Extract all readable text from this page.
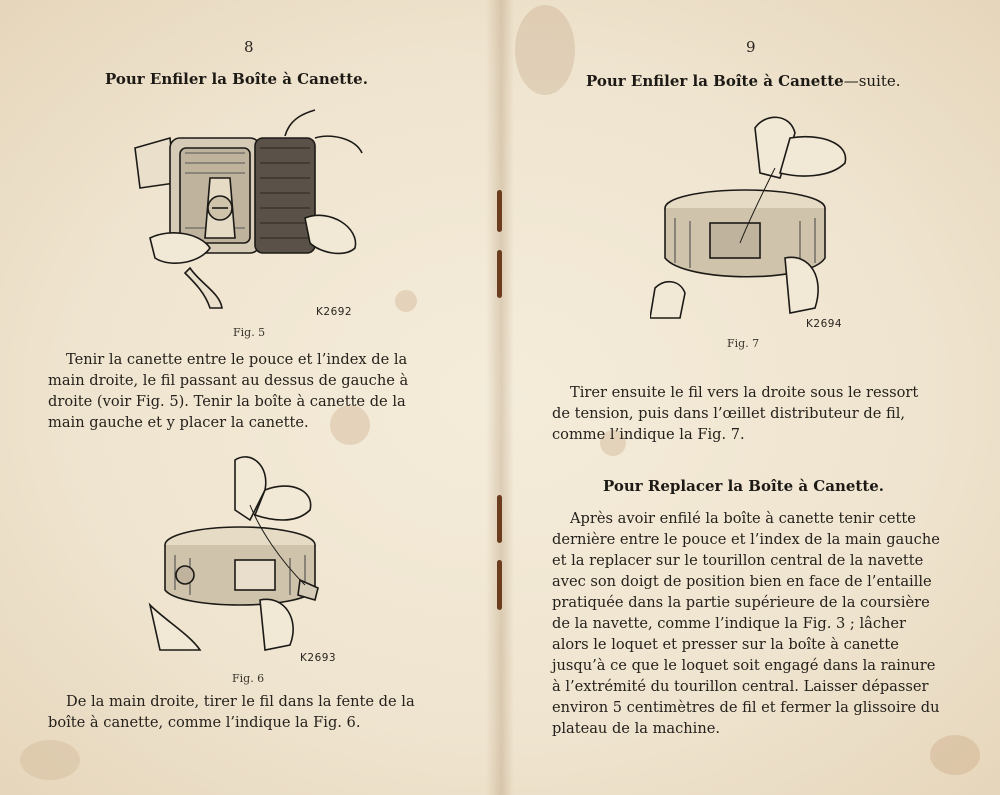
8
Pour Enfiler la Boîte à Canette.
K2692
Fig. 5
Tenir la canette entre le pouce et l’index de la
main droite, le fil passant au dessus de gauche à
droite (voir Fig. 5). Tenir la boîte à canette de la
main gauche et y placer la canette.
K2693
Fig. 6
De la main droite, tirer le fil dans la fente de la
boîte à canette, comme l’indique la Fig. 6.
9
Pour Enfiler la Boîte à Canette—suite.
K2694
Fig. 7
Tirer ensuite le fil vers la droite sous le ressort
de tension, puis dans l’œillet distributeur de fil,
comme l’indique la Fig. 7.
Pour Replacer la Boîte à Canette.
Après avoir enfilé la boîte à canette tenir cette
dernière entre le pouce et l’index de la main gauche
et la replacer sur le tourillon central de la navette
avec son doigt de position bien en face de l’entaille
pratiquée dans la partie supérieure de la coursière
de la navette, comme l’indique la Fig. 3 ; lâcher
alors le loquet et presser sur la boîte à canette
jusqu’à ce que le loquet soit engagé dans la rainure
à l’extrémité du tourillon central. Laisser dépasser
environ 5 centimètres de fil et fermer la glissoire du
plateau de la machine.
